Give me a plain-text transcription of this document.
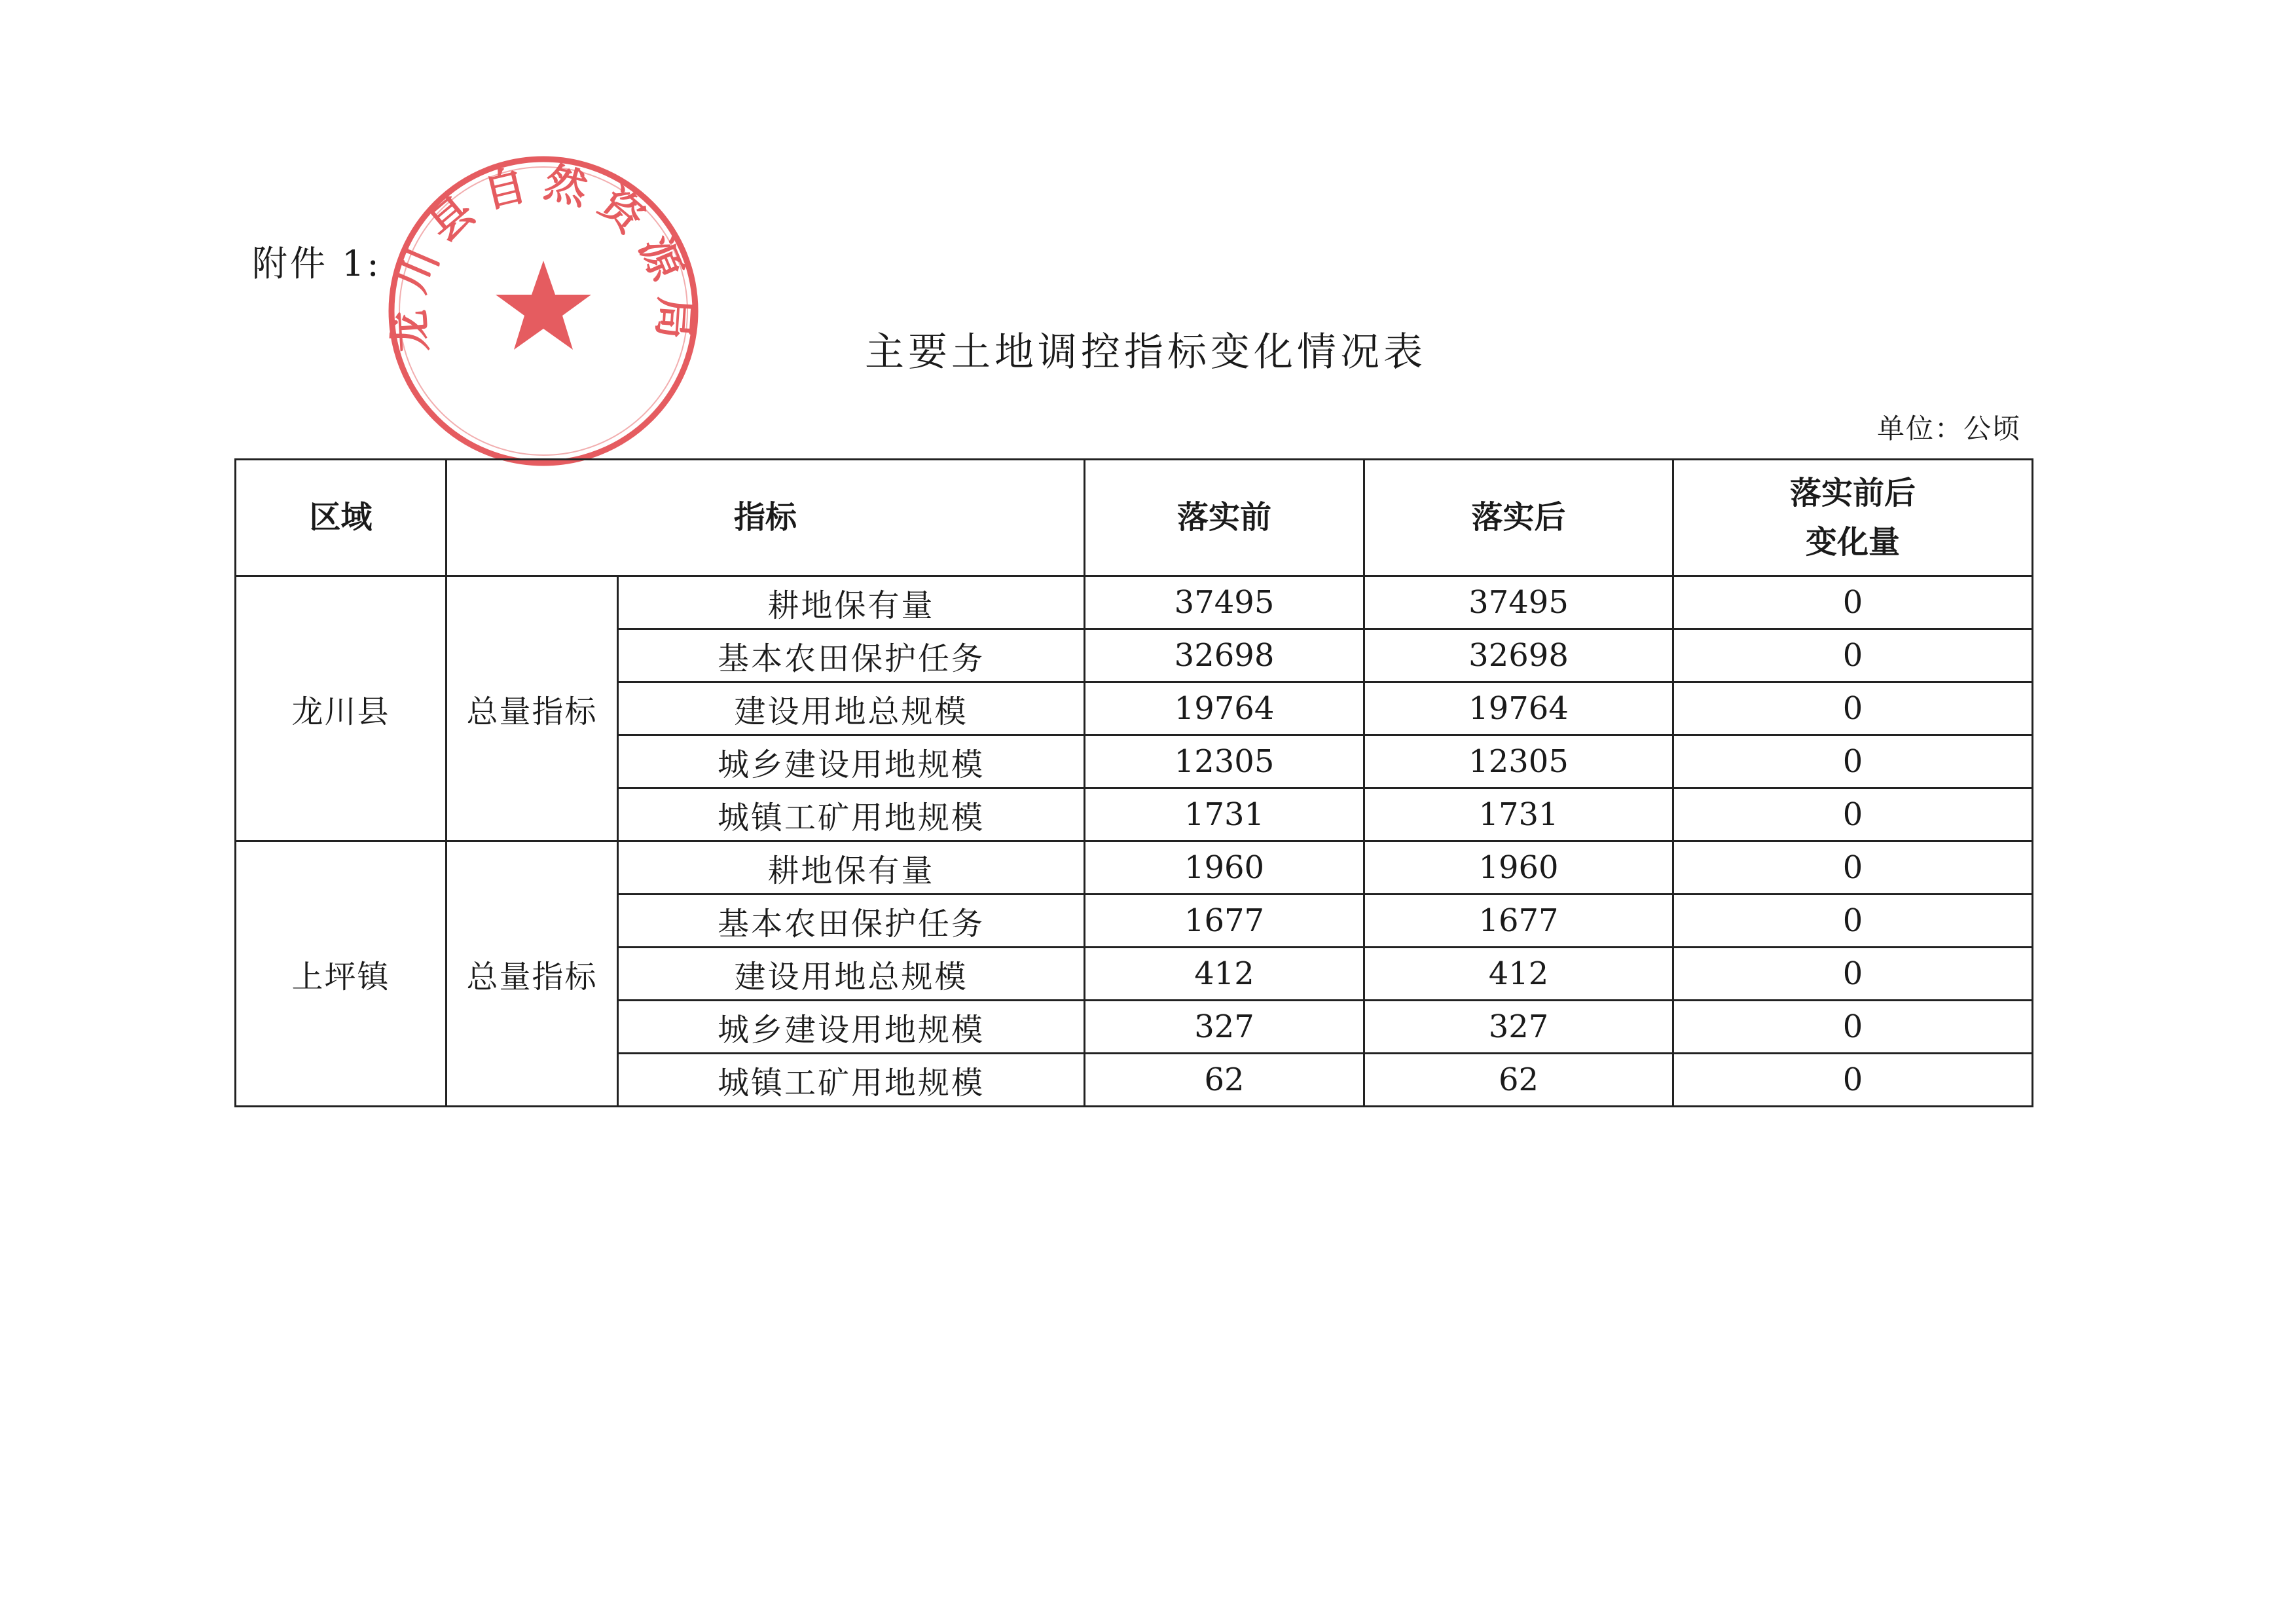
附件 1:
龙川县自然资源局	主要土地调控指标变化情况表
单位：公顷
区域	指标		落实前	落实后	落实前后
变化量
龙川县	总量指标	耕地保有量	37495	37495	0
		基本农田保护任务	32698	32698	0
		建设用地总规模	19764	19764	0
		城乡建设用地规模	12305	12305	0
		城镇工矿用地规模	1731	1731	0
上坪镇	总量指标	耕地保有量	1960	1960	0
		基本农田保护任务	1677	1677	0
		建设用地总规模	412	412	0
		城乡建设用地规模	327	327	0
		城镇工矿用地规模	62	62	0
